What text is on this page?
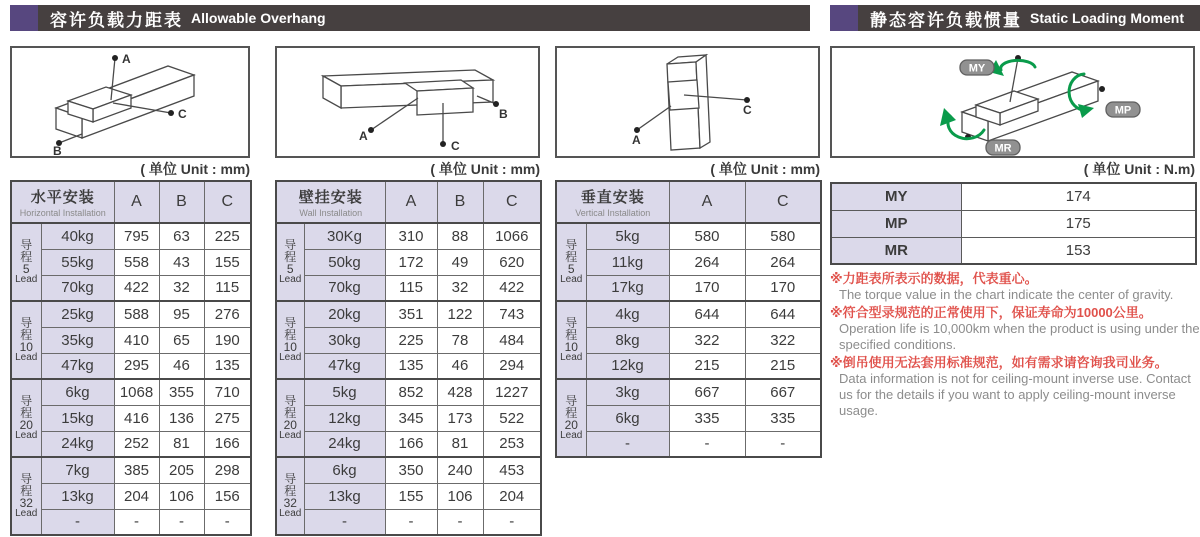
容许负载力距表 Allowable Overhang	静态容许负载惯量 Static Loading Moment
A
B
C
( 单位 Unit : mm)
水平安装
Horizontal Installation		A	B	C

导
程
5
Lead	40kg	795	63	225
	55kg	558	43	155
	70kg	422	32	115

导
程
10
Lead	25kg	588	95	276
	35kg	410	65	190
	47kg	295	46	135

导
程
20
Lead	6kg	1068	355	710
	15kg	416	136	275
	24kg	252	81	166

导
程
32
Lead	7kg	385	205	298
	13kg	204	106	156
	-	-	-	-
A
B
C
( 单位 Unit : mm)
壁挂安装
Wall Installation		A	B	C

导
程
5
Lead	30Kg	310	88	1066
	50kg	172	49	620
	70kg	115	32	422

导
程
10
Lead	20kg	351	122	743
	30kg	225	78	484
	47kg	135	46	294

导
程
20
Lead	5kg	852	428	1227
	12kg	345	173	522
	24kg	166	81	253

导
程
32
Lead	6kg	350	240	453
	13kg	155	106	204
	-	-	-	-
C
A
( 单位 Unit : mm)
垂直安装
Vertical Installation		A	C

导
程
5
Lead	5kg	580	580
	11kg	264	264
	17kg	170	170

导
程
10
Lead	4kg	644	644
	8kg	322	322
	12kg	215	215

导
程
20
Lead	3kg	667	667
	6kg	335	335
	-	-	-
MY
MP
MR
( 单位 Unit : N.m)
MY	174
MP	175
MR	153
※力距表所表示的数据，代表重心。
The torque value in the chart indicate the center of gravity.
※符合型录规范的正常使用下，保证寿命为10000公里。
Operation life is 10,000km when the product is using under the specified conditions.
※倒吊使用无法套用标准规范，如有需求请咨询我司业务。
Data information is not for ceiling-mount inverse use. Contact us for the details if you want to apply ceiling-mount inverse usage.
